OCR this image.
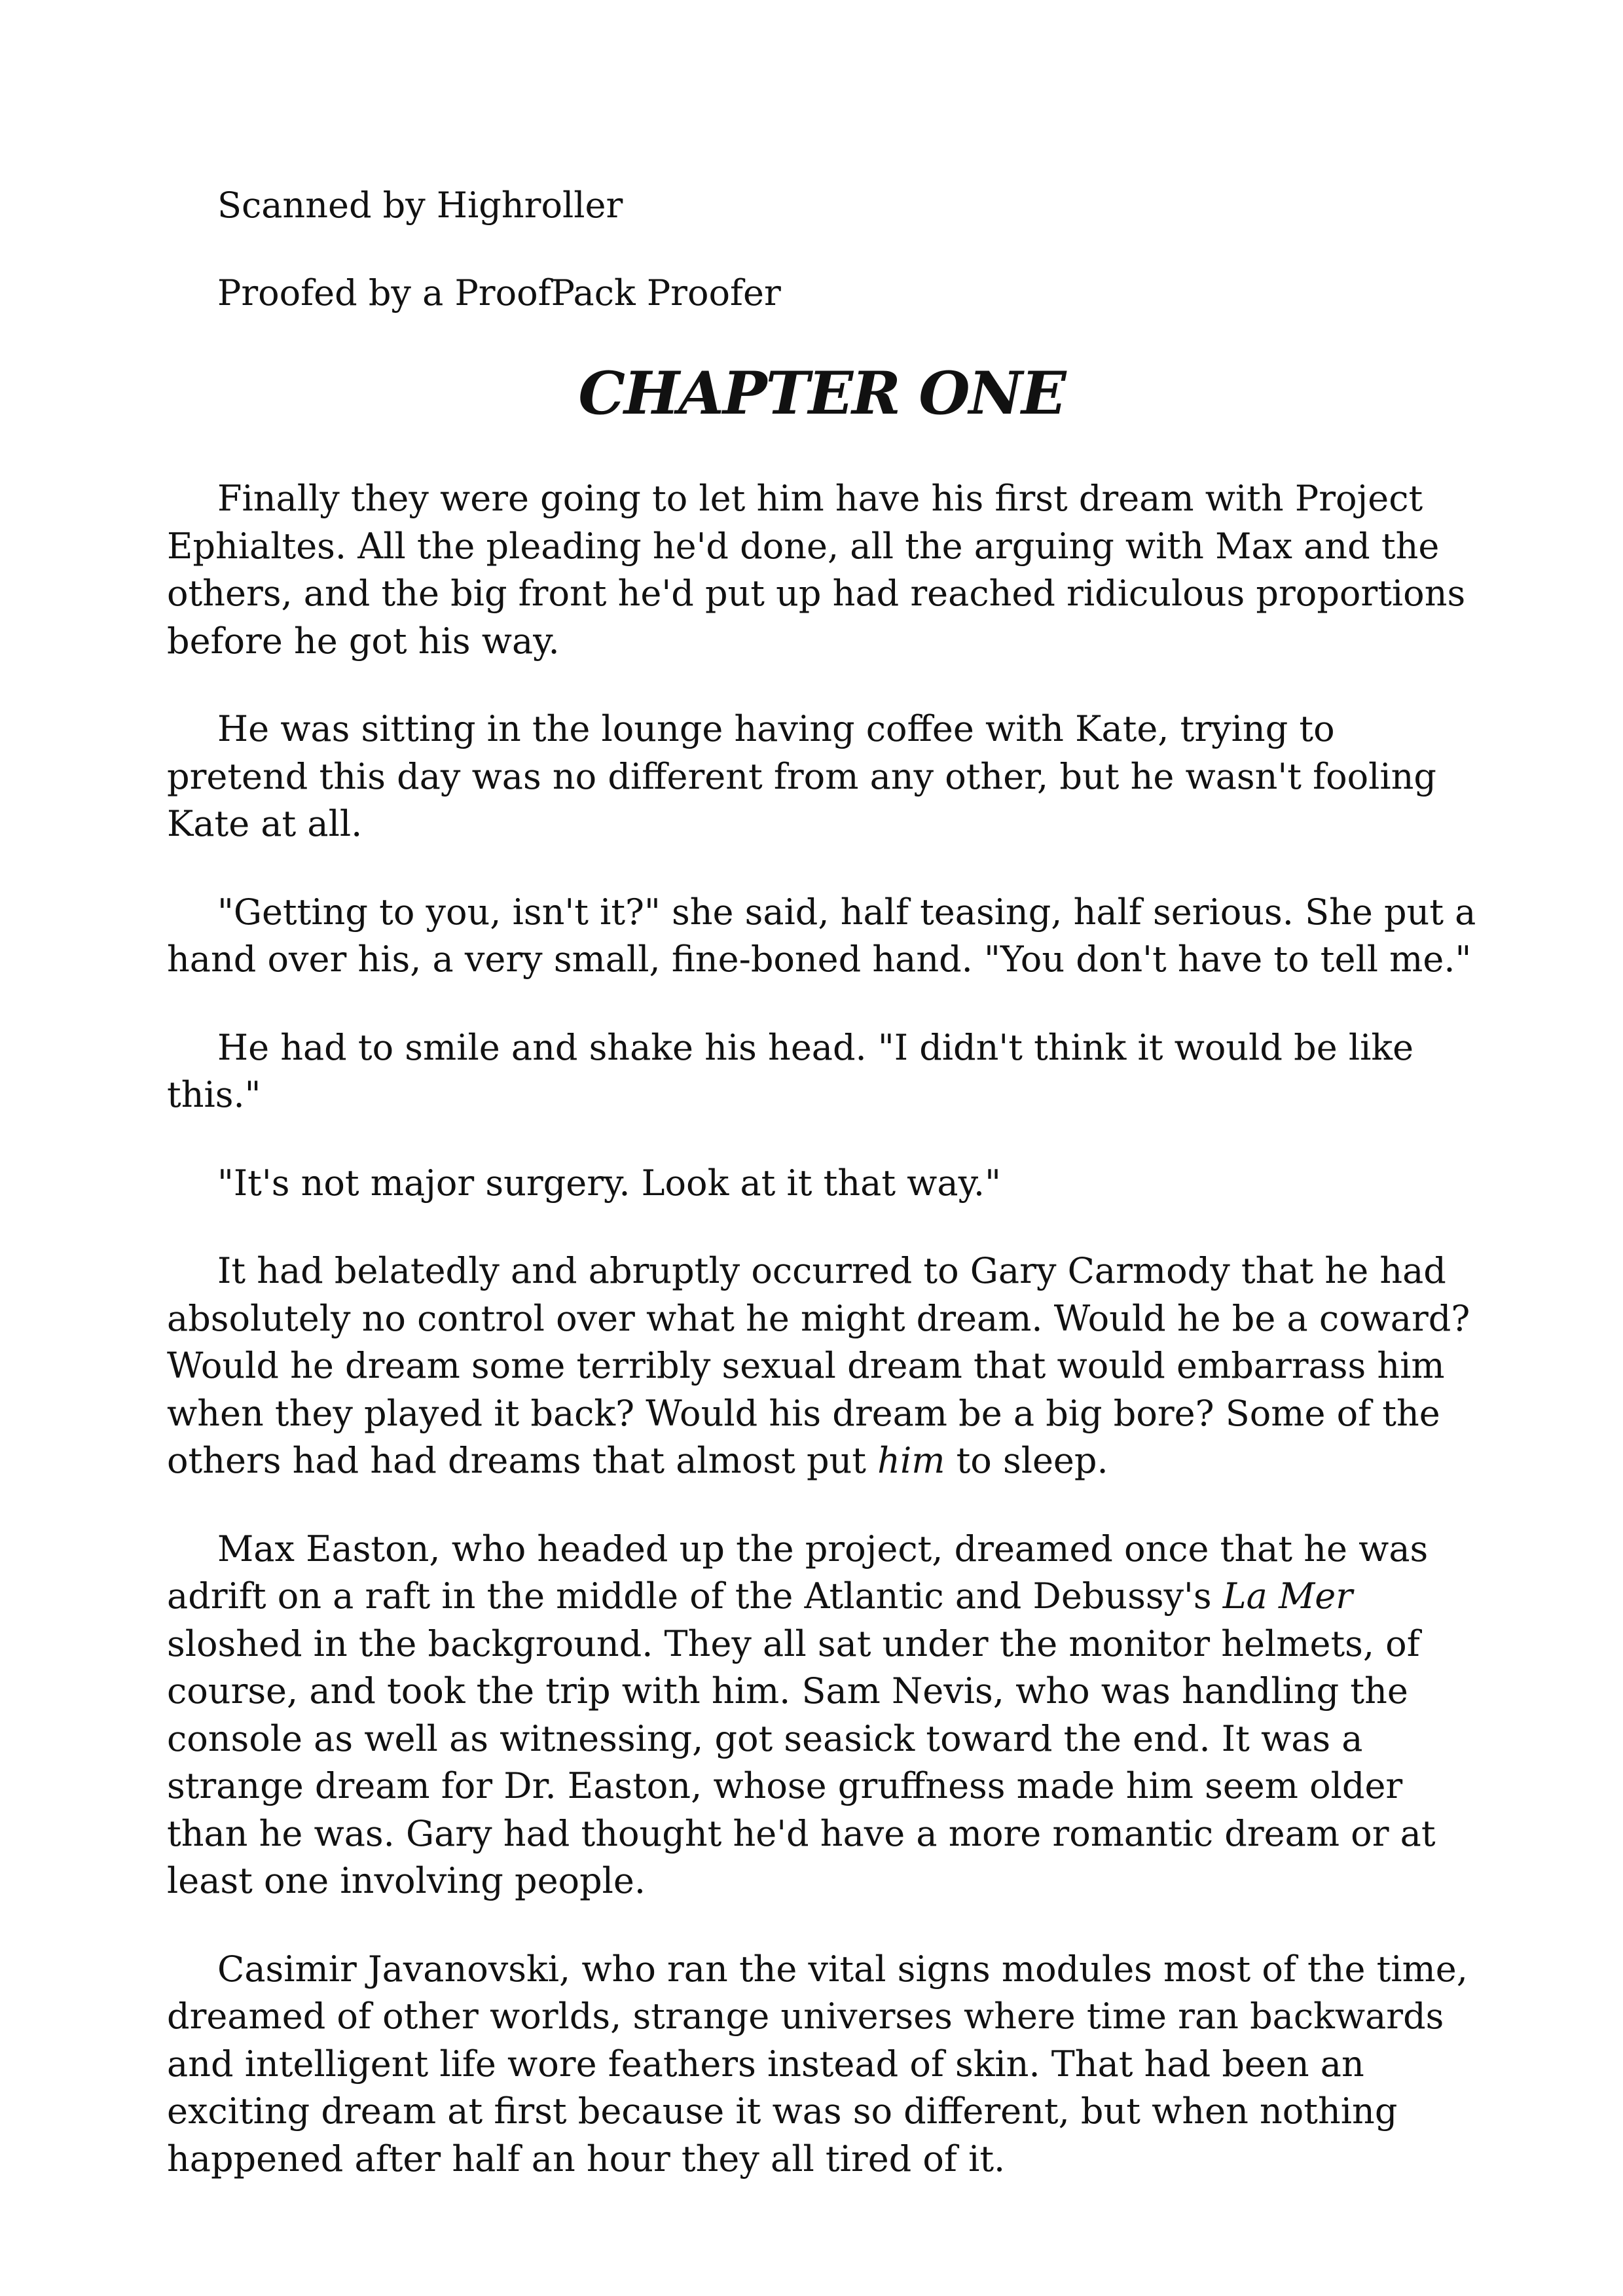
Scanned by Highroller

Proofed by a ProofPack Proofer

CHAPTER ONE

Finally they were going to let him have his first dream with Project Ephialtes. All the pleading he'd done, all the arguing with Max and the others, and the big front he'd put up had reached ridiculous proportions before he got his way.

He was sitting in the lounge having coffee with Kate, trying to pretend this day was no different from any other, but he wasn't fooling Kate at all.

"Getting to you, isn't it?" she said, half teasing, half serious. She put a hand over his, a very small, fine-boned hand. "You don't have to tell me."

He had to smile and shake his head. "I didn't think it would be like this."

"It's not major surgery. Look at it that way."

It had belatedly and abruptly occurred to Gary Carmody that he had absolutely no control over what he might dream. Would he be a coward? Would he dream some terribly sexual dream that would embarrass him when they played it back? Would his dream be a big bore? Some of the others had had dreams that almost put him to sleep.

Max Easton, who headed up the project, dreamed once that he was adrift on a raft in the middle of the Atlantic and Debussy's La Mer sloshed in the background. They all sat under the monitor helmets, of course, and took the trip with him. Sam Nevis, who was handling the console as well as witnessing, got seasick toward the end. It was a strange dream for Dr. Easton, whose gruffness made him seem older than he was. Gary had thought he'd have a more romantic dream or at least one involving people.

Casimir Javanovski, who ran the vital signs modules most of the time, dreamed of other worlds, strange universes where time ran backwards and intelligent life wore feathers instead of skin. That had been an exciting dream at first because it was so different, but when nothing happened after half an hour they all tired of it.
